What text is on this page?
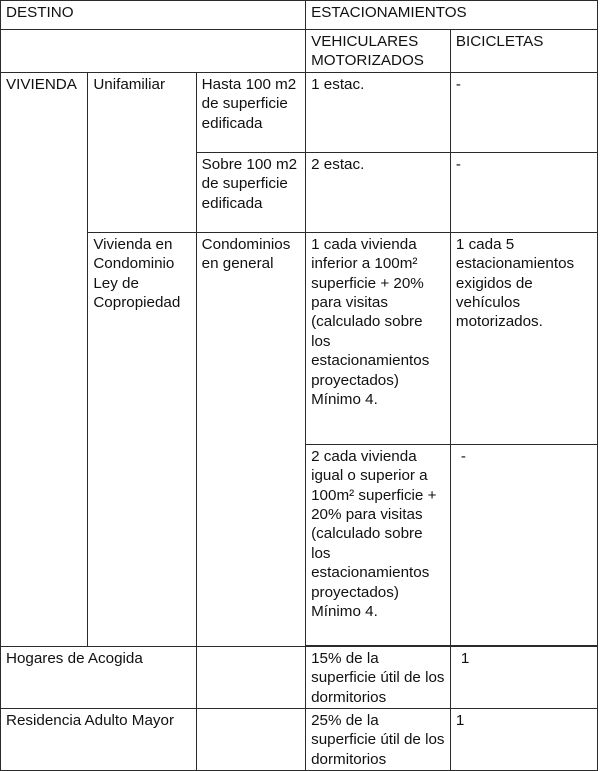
DESTINO			ESTACIONAMIENTOS	
			VEHICULARES MOTORIZADOS	BICICLETAS
VIVIENDA	Unifamiliar	Hasta 100 m2 de superficie edificada	1 estac.	-
		Sobre 100 m2 de superficie edificada	2 estac.	-
	Vivienda en Condominio Ley de Copropiedad	Condominios en general	1 cada vivienda inferior a 100m² superficie + 20% para visitas (calculado sobre los estacionamientos proyectados) Mínimo 4.	1 cada 5 estacionamientos exigidos de vehículos motorizados.
			2 cada vivienda igual o superior a 100m² superficie + 20% para visitas (calculado sobre los estacionamientos proyectados) Mínimo 4.	-

Hogares de Acogida			15% de la superficie útil de los dormitorios	1
Residencia Adulto Mayor			25% de la superficie útil de los dormitorios	1
